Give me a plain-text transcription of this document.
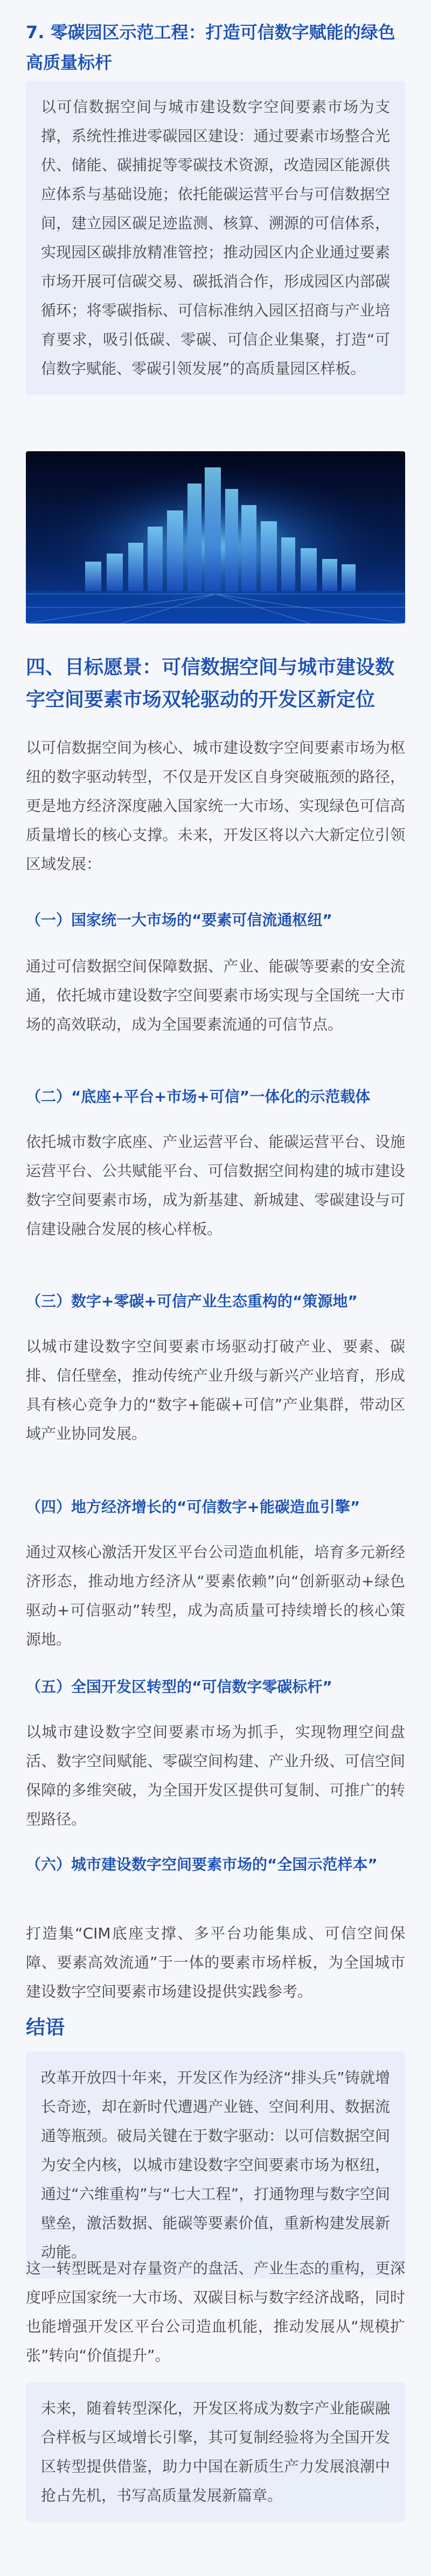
7. 零碳园区示范工程：打造可信数字赋能的绿色高质量标杆
以可信数据空间与城市建设数字空间要素市场为支撑，系统性推进零碳园区建设：通过要素市场整合光伏、储能、碳捕捉等零碳技术资源，改造园区能源供应体系与基础设施；依托能碳运营平台与可信数据空间，建立园区碳足迹监测、核算、溯源的可信体系，实现园区碳排放精准管控；推动园区内企业通过要素市场开展可信碳交易、碳抵消合作，形成园区内部碳循环；将零碳指标、可信标准纳入园区招商与产业培育要求，吸引低碳、零碳、可信企业集聚，打造“可信数字赋能、零碳引领发展”的高质量园区样板。
四、目标愿景：可信数据空间与城市建设数字空间要素市场双轮驱动的开发区新定位
以可信数据空间为核心、城市建设数字空间要素市场为枢纽的数字驱动转型，不仅是开发区自身突破瓶颈的路径，更是地方经济深度融入国家统一大市场、实现绿色可信高质量增长的核心支撑。未来，开发区将以六大新定位引领区域发展：
（一）国家统一大市场的“要素可信流通枢纽”
通过可信数据空间保障数据、产业、能碳等要素的安全流通，依托城市建设数字空间要素市场实现与全国统一大市场的高效联动，成为全国要素流通的可信节点。
（二）“底座+平台+市场+可信”一体化的示范载体
依托城市数字底座、产业运营平台、能碳运营平台、设施运营平台、公共赋能平台、可信数据空间构建的城市建设数字空间要素市场，成为新基建、新城建、零碳建设与可信建设融合发展的核心样板。
（三）数字+零碳+可信产业生态重构的“策源地”
以城市建设数字空间要素市场驱动打破产业、要素、碳排、信任壁垒，推动传统产业升级与新兴产业培育，形成具有核心竞争力的“数字+能碳+可信”产业集群，带动区域产业协同发展。
（四）地方经济增长的“可信数字+能碳造血引擎”
通过双核心激活开发区平台公司造血机能，培育多元新经济形态，推动地方经济从“要素依赖”向“创新驱动+绿色驱动+可信驱动”转型，成为高质量可持续增长的核心策源地。
（五）全国开发区转型的“可信数字零碳标杆”
以城市建设数字空间要素市场为抓手，实现物理空间盘活、数字空间赋能、零碳空间构建、产业升级、可信空间保障的多维突破，为全国开发区提供可复制、可推广的转型路径。
（六）城市建设数字空间要素市场的“全国示范样本”
打造集“CIM底座支撑、多平台功能集成、可信空间保障、要素高效流通”于一体的要素市场样板，为全国城市建设数字空间要素市场建设提供实践参考。
结语
改革开放四十年来，开发区作为经济“排头兵”铸就增长奇迹，却在新时代遭遇产业链、空间利用、数据流通等瓶颈。破局关键在于数字驱动：以可信数据空间为安全内核，以城市建设数字空间要素市场为枢纽，通过“六维重构”与“七大工程”，打通物理与数字空间壁垒，激活数据、能碳等要素价值，重新构建发展新动能。
这一转型既是对存量资产的盘活、产业生态的重构，更深度呼应国家统一大市场、双碳目标与数字经济战略，同时也能增强开发区平台公司造血机能，推动发展从“规模扩张”转向“价值提升”。
未来，随着转型深化，开发区将成为数字产业能碳融合样板与区域增长引擎，其可复制经验将为全国开发区转型提供借鉴，助力中国在新质生产力发展浪潮中抢占先机，书写高质量发展新篇章。
